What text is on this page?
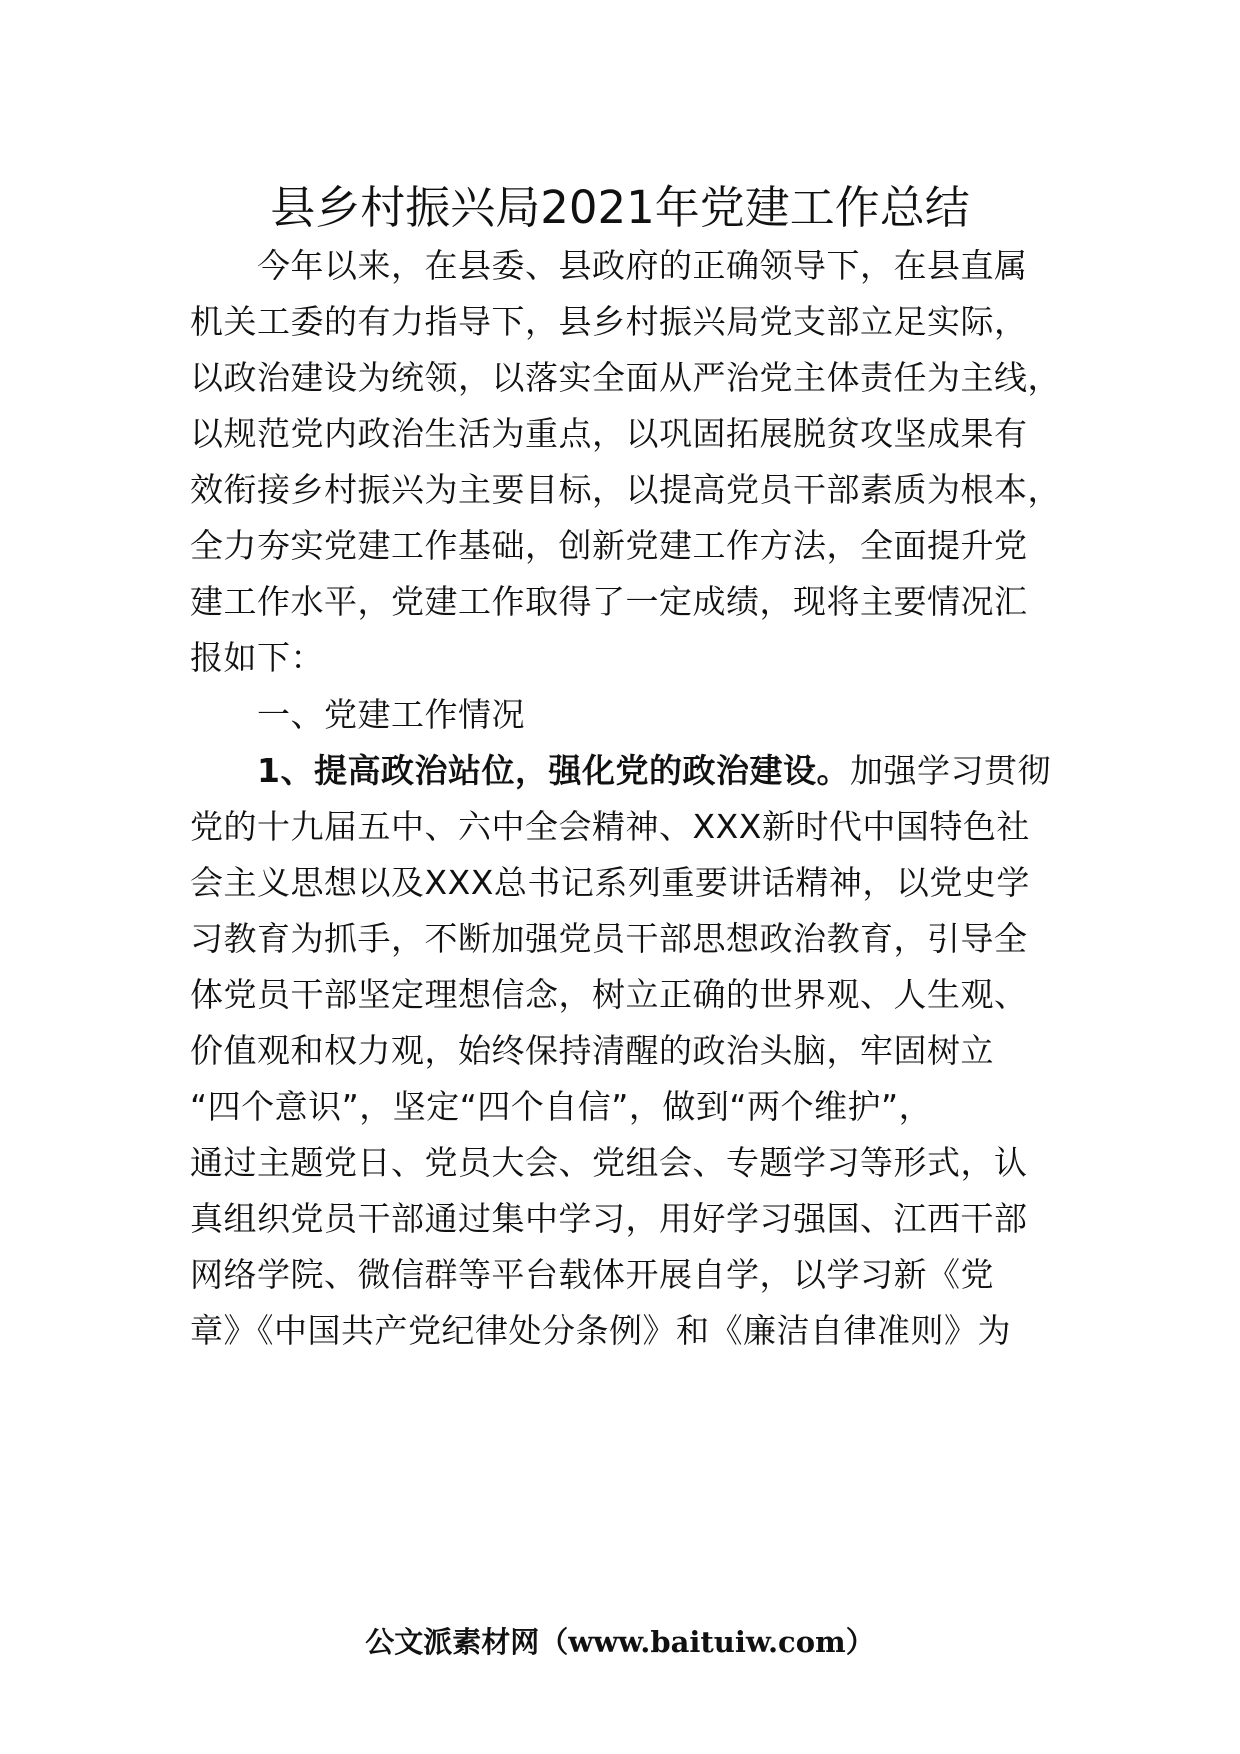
县乡村振兴局2021年党建工作总结
　　今年以来，在县委、县政府的正确领导下，在县直属
机关工委的有力指导下，县乡村振兴局党支部立足实际，
以政治建设为统领，以落实全面从严治党主体责任为主线，
以规范党内政治生活为重点，以巩固拓展脱贫攻坚成果有
效衔接乡村振兴为主要目标，以提高党员干部素质为根本，
全力夯实党建工作基础，创新党建工作方法，全面提升党
建工作水平，党建工作取得了一定成绩，现将主要情况汇
报如下：
　　一、党建工作情况
　　1、提高政治站位，强化党的政治建设。加强学习贯彻
党的十九届五中、六中全会精神、XXX新时代中国特色社
会主义思想以及XXX总书记系列重要讲话精神，以党史学
习教育为抓手，不断加强党员干部思想政治教育，引导全
体党员干部坚定理想信念，树立正确的世界观、人生观、
价值观和权力观，始终保持清醒的政治头脑，牢固树立
“四个意识”，坚定“四个自信”，做到“两个维护”，
通过主题党日、党员大会、党组会、专题学习等形式，认
真组织党员干部通过集中学习，用好学习强国、江西干部
网络学院、微信群等平台载体开展自学，以学习新《党
章》《中国共产党纪律处分条例》和《廉洁自律准则》为
公文派素材网（www.baituiw.com）
